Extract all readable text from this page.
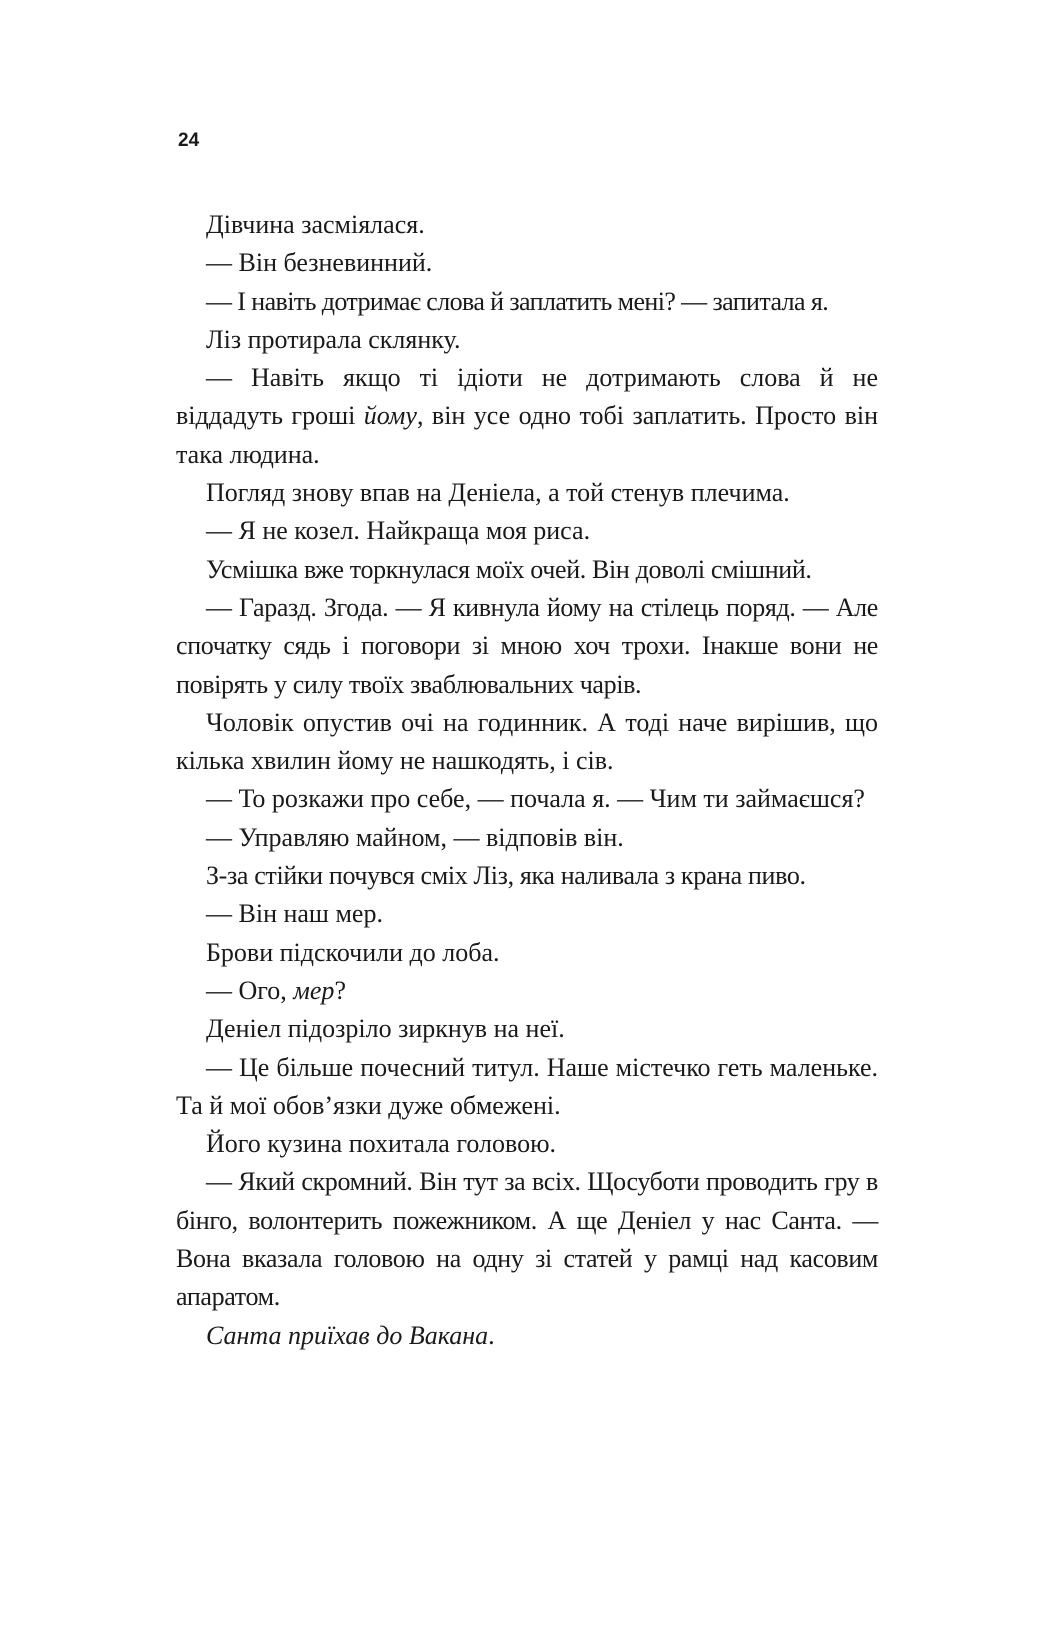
24

Дівчина засміялася.

— Він безневинний.

— І навіть дотримає слова й заплатить мені? — запитала я.

Ліз протирала склянку.

— Навіть якщо ті ідіоти не дотримають слова й не віддадуть гроші йому, він усе одно тобі заплатить. Просто він така людина.

Погляд знову впав на Деніела, а той стенув плечима.

— Я не козел. Найкраща моя риса.

Усмішка вже торкнулася моїх очей. Він доволі смішний.

— Гаразд. Згода. — Я кивнула йому на стілець поряд. — Але спочатку сядь і поговори зі мною хоч трохи. Інакше вони не повірять у силу твоїх зваблювальних чарів.

Чоловік опустив очі на годинник. А тоді наче вирішив, що кілька хвилин йому не нашкодять, і сів.

— То розкажи про себе, — почала я. — Чим ти займаєшся?

— Управляю майном, — відповів він.

З-за стійки почувся сміх Ліз, яка наливала з крана пиво.

— Він наш мер.

Брови підскочили до лоба.

— Ого, мер?

Деніел підозріло зиркнув на неї.

— Це більше почесний титул. Наше містечко геть маленьке. Та й мої обов’язки дуже обмежені.

Його кузина похитала головою.

— Який скромний. Він тут за всіх. Щосуботи проводить гру в бінго, волонтерить пожежником. А ще Деніел у нас Санта. — Вона вказала головою на одну зі статей у рамці над касовим апаратом.

Санта приїхав до Вакана.
